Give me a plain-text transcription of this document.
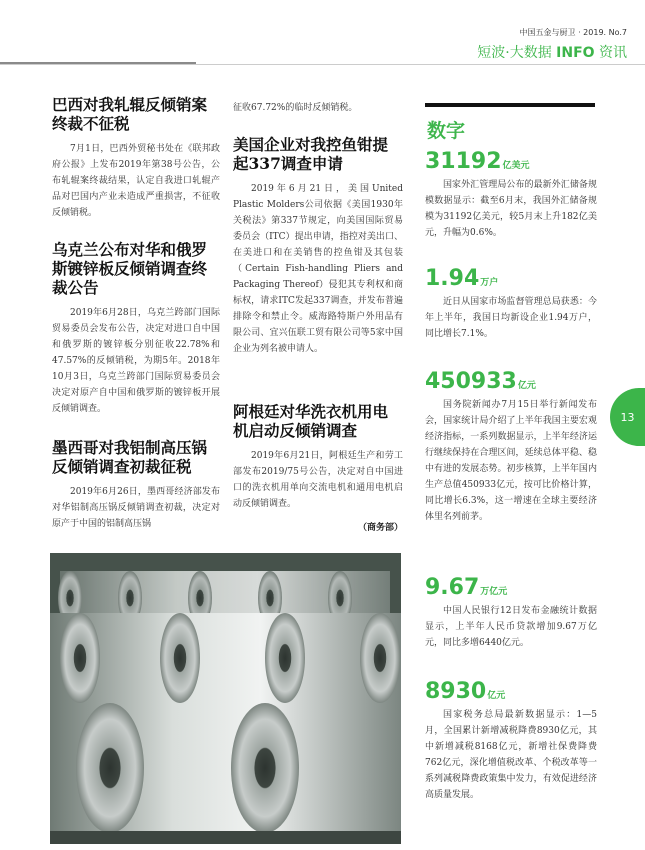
中国五金与厨卫 · 2019. No.7
短波·大数据 INFO 资讯
巴西对我轧辊反倾销案终裁不征税

7月1日，巴西外贸秘书处在《联邦政府公报》上发布2019年第38号公告，公布轧辊案终裁结果，认定自我进口轧辊产品对巴国内产业未造成严重损害，不征收反倾销税。

乌克兰公布对华和俄罗斯镀锌板反倾销调查终裁公告

2019年6月28日，乌克兰跨部门国际贸易委员会发布公告，决定对进口自中国和俄罗斯的镀锌板分别征收22.78%和47.57%的反倾销税，为期5年。2018年10月3日，乌克兰跨部门国际贸易委员会决定对原产自中国和俄罗斯的镀锌板开展反倾销调查。

墨西哥对我铝制高压锅反倾销调查初裁征税

2019年6月26日，墨西哥经济部发布对华铝制高压锅反倾销调查初裁，决定对原产于中国的铝制高压锅

征收67.72%的临时反倾销税。

美国企业对我控鱼钳提起337调查申请

2019年6月21日，美国United Plastic Molders公司依据《美国1930年关税法》第337节规定，向美国国际贸易委员会（ITC）提出申请，指控对美出口、在美进口和在美销售的控鱼钳及其包装（Certain Fish-handling Pliers and Packaging Thereof）侵犯其专利权和商标权，请求ITC发起337调查，并发布普遍排除令和禁止令。威海路特斯户外用品有限公司、宜兴伍联工贸有限公司等5家中国企业为列名被申请人。

阿根廷对华洗衣机用电机启动反倾销调查

2019年6月21日，阿根廷生产和劳工部发布2019/75号公告，决定对自中国进口的洗衣机用单向交流电机和通用电机启动反倾销调查。

（商务部）
数字
31192亿美元

国家外汇管理局公布的最新外汇储备规模数据显示：截至6月末，我国外汇储备规模为31192亿美元，较5月末上升182亿美元，升幅为0.6%。

1.94万户

近日从国家市场监督管理总局获悉：今年上半年，我国日均新设企业1.94万户，同比增长7.1%。

450933亿元

国务院新闻办7月15日举行新闻发布会，国家统计局介绍了上半年我国主要宏观经济指标，一系列数据显示，上半年经济运行继续保持在合理区间，延续总体平稳、稳中有进的发展态势。初步核算，上半年国内生产总值450933亿元，按可比价格计算，同比增长6.3%，这一增速在全球主要经济体里名列前茅。

9.67万亿元

中国人民银行12日发布金融统计数据显示，上半年人民币贷款增加9.67万亿元，同比多增6440亿元。

8930亿元

国家税务总局最新数据显示：1—5月，全国累计新增减税降费8930亿元，其中新增减税8168亿元，新增社保费降费762亿元，深化增值税改革、个税改革等一系列减税降费政策集中发力，有效促进经济高质量发展。

13
